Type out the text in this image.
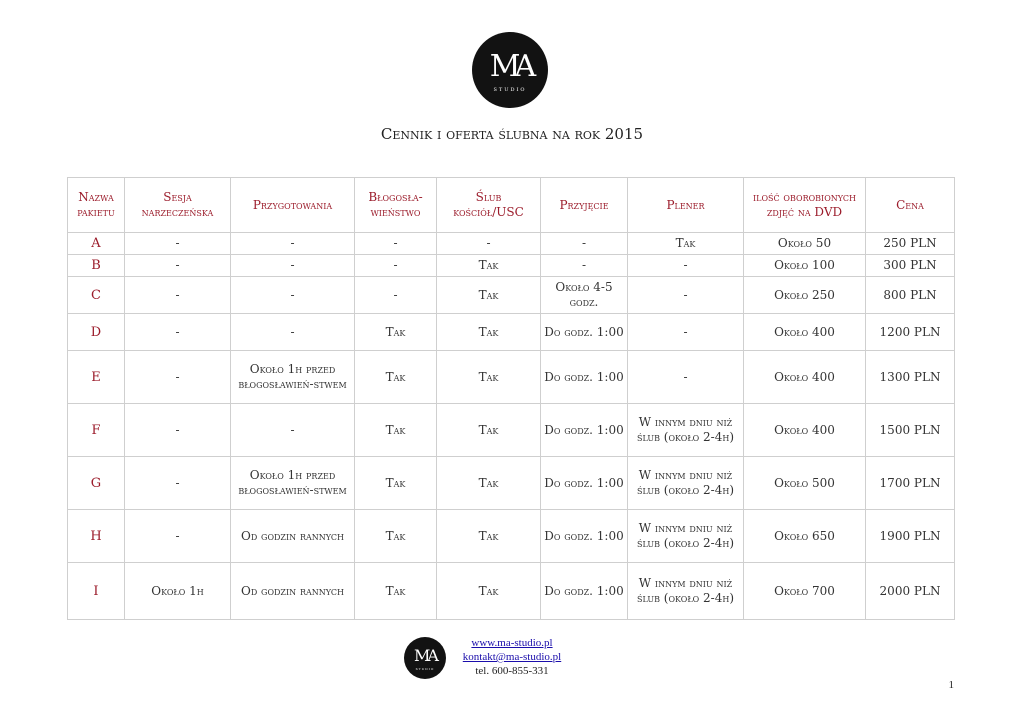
MA
STUDIO
Cennik i oferta ślubna na rok 2015
Nazwa pakietu	Sesja narzeczeńska	Przygotowania	Błogosła-wieństwo	Ślub kościół/USC	Przyjęcie	Plener	ilość oborobionych zdjęć na DVD	Cena
A	-	-	-	-	-	Tak	Około 50	250 PLN
B	-	-	-	Tak	-	-	Około 100	300 PLN
C	-	-	-	Tak	Około 4-5 godz.	-	Około 250	800 PLN
D	-	-	Tak	Tak	Do godz. 1:00	-	Około 400	1200 PLN
E	-	Około 1h przed błogosławień-stwem	Tak	Tak	Do godz. 1:00	-	Około 400	1300 PLN
F	-	-	Tak	Tak	Do godz. 1:00	W innym dniu niż ślub (około 2-4h)	Około 400	1500 PLN
G	-	Około 1h przed błogosławień-stwem	Tak	Tak	Do godz. 1:00	W innym dniu niż ślub (około 2-4h)	Około 500	1700 PLN
H	-	Od godzin rannych	Tak	Tak	Do godz. 1:00	W innym dniu niż ślub (około 2-4h)	Około 650	1900 PLN
I	Około 1h	Od godzin rannych	Tak	Tak	Do godz. 1:00	W innym dniu niż ślub (około 2-4h)	Około 700	2000 PLN
MA
STUDIO
www.ma-studio.pl
kontakt@ma-studio.pl
tel. 600-855-331
1
